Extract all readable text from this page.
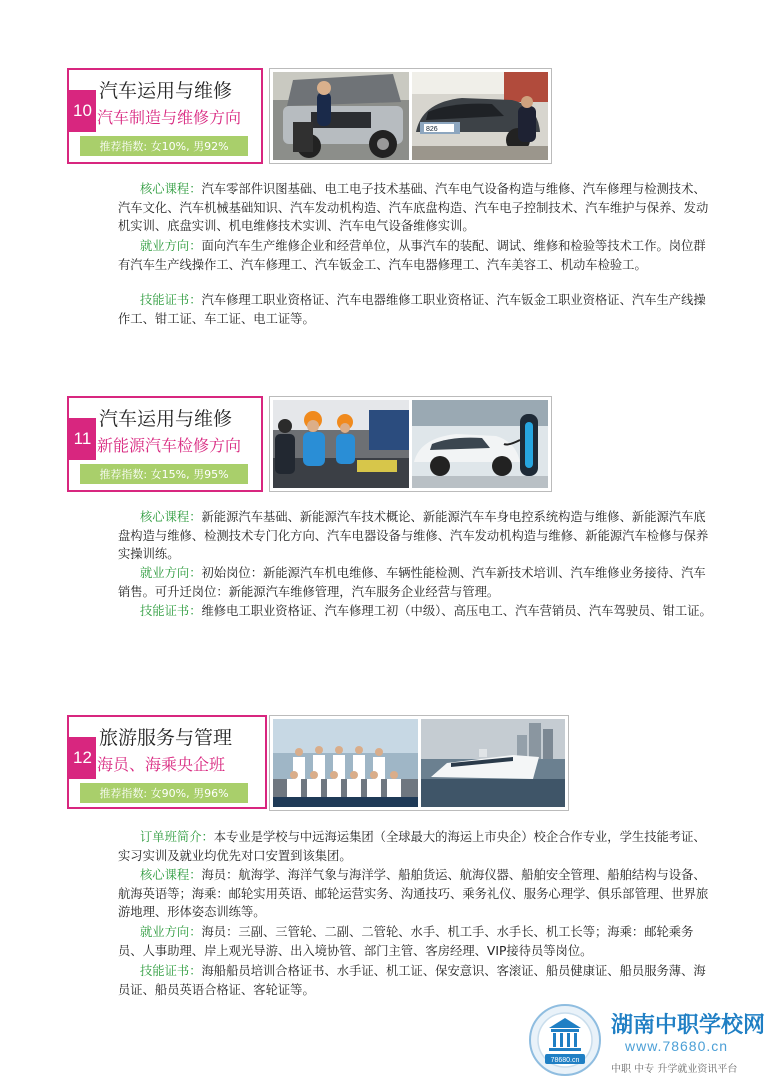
10
汽车运用与维修
汽车制造与维修方向
推荐指数: 女10%, 男92%
826

核心课程：汽车零部件识图基础、电工电子技术基础、汽车电气设备构造与维修、汽车修理与检测技术、汽车文化、汽车机械基础知识、汽车发动机构造、汽车底盘构造、汽车电子控制技术、汽车维护与保养、发动机实训、底盘实训、机电维修技术实训、汽车电气设备维修实训。

就业方向：面向汽车生产维修企业和经营单位，从事汽车的装配、调试、维修和检验等技术工作。岗位群有汽车生产线操作工、汽车修理工、汽车钣金工、汽车电器修理工、汽车美容工、机动车检验工。

技能证书：汽车修理工职业资格证、汽车电器维修工职业资格证、汽车钣金工职业资格证、汽车生产线操作工、钳工证、车工证、电工证等。

11
汽车运用与维修
新能源汽车检修方向
推荐指数: 女15%, 男95%

核心课程：新能源汽车基础、新能源汽车技术概论、新能源汽车车身电控系统构造与维修、新能源汽车底盘构造与维修、检测技术专门化方向、汽车电器设备与维修、汽车发动机构造与维修、新能源汽车检修与保养实操训练。

就业方向：初始岗位：新能源汽车机电维修、车辆性能检测、汽车新技术培训、汽车维修业务接待、汽车销售。可升迁岗位：新能源汽车维修管理，汽车服务企业经营与管理。

技能证书：维修电工职业资格证、汽车修理工初（中级）、高压电工、汽车营销员、汽车驾驶员、钳工证。

12
旅游服务与管理
海员、海乘央企班
推荐指数: 女90%, 男96%

订单班简介：本专业是学校与中远海运集团（全球最大的海运上市央企）校企合作专业，学生技能考证、实习实训及就业均优先对口安置到该集团。

核心课程：海员：航海学、海洋气象与海洋学、船舶货运、航海仪器、船舶安全管理、船舶结构与设备、航海英语等；海乘：邮轮实用英语、邮轮运营实务、沟通技巧、乘务礼仪、服务心理学、俱乐部管理、世界旅游地理、形体姿态训练等。

就业方向：海员：三副、三管轮、二副、二管轮、水手、机工手、水手长、机工长等；海乘：邮轮乘务员、人事助理、岸上观光导游、出入境协管、部门主管、客房经理、VIP接待员等岗位。

技能证书：海船船员培训合格证书、水手证、机工证、保安意识、客滚证、船员健康证、船员服务薄、海员证、船员英语合格证、客轮证等。

78680.cn
湖南中职学校网
www.78680.cn
中职 中专 升学就业资讯平台
